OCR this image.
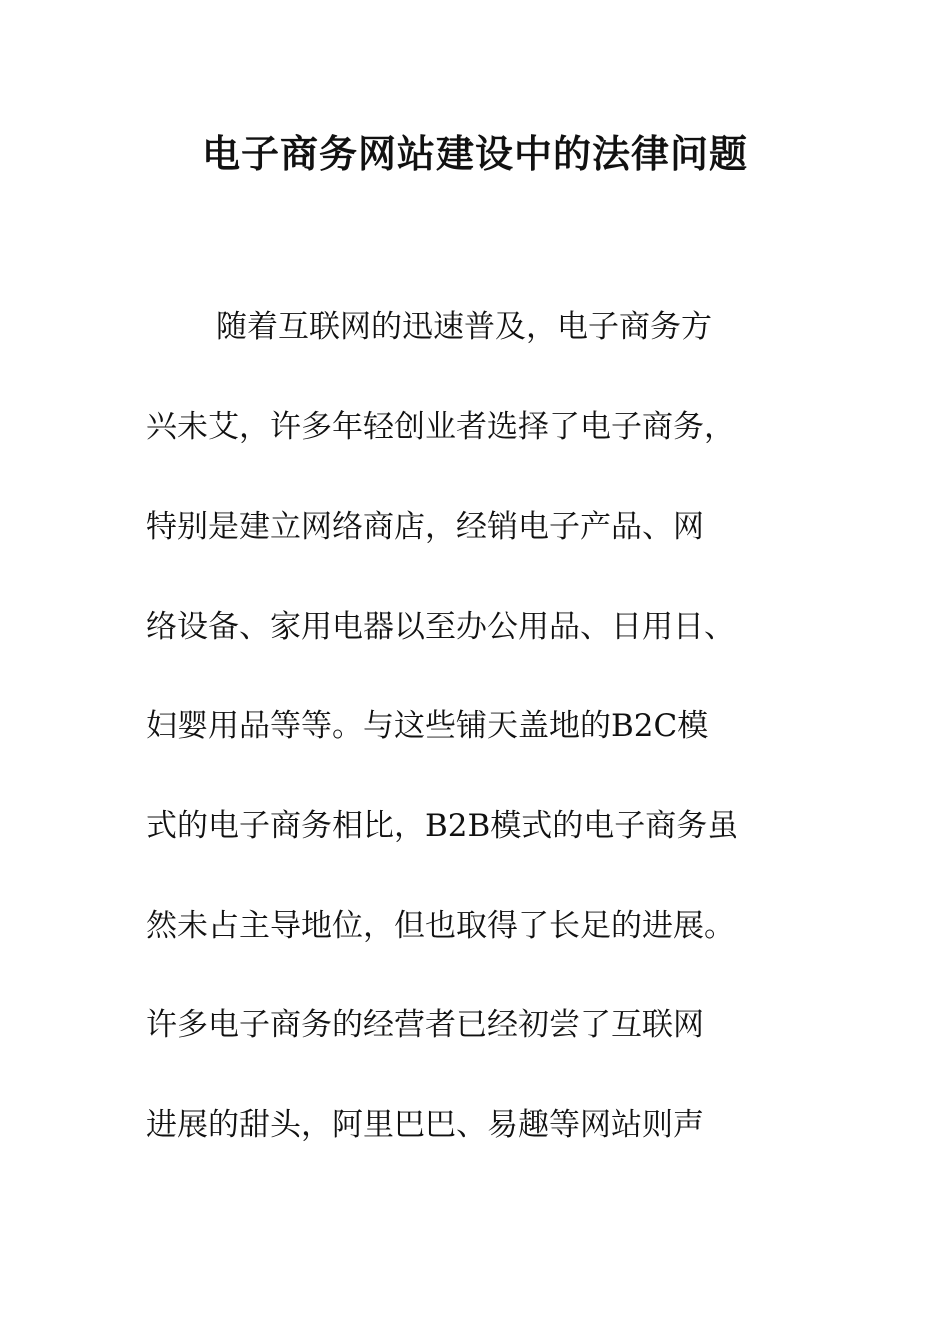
电子商务网站建设中的法律问题

随着互联网的迅速普及，电子商务方

兴未艾，许多年轻创业者选择了电子商务，

特别是建立网络商店，经销电子产品、网

络设备、家用电器以至办公用品、日用日、

妇婴用品等等。与这些铺天盖地的B2C模

式的电子商务相比，B2B模式的电子商务虽

然未占主导地位，但也取得了长足的进展。

许多电子商务的经营者已经初尝了互联网

进展的甜头，阿里巴巴、易趣等网站则声
